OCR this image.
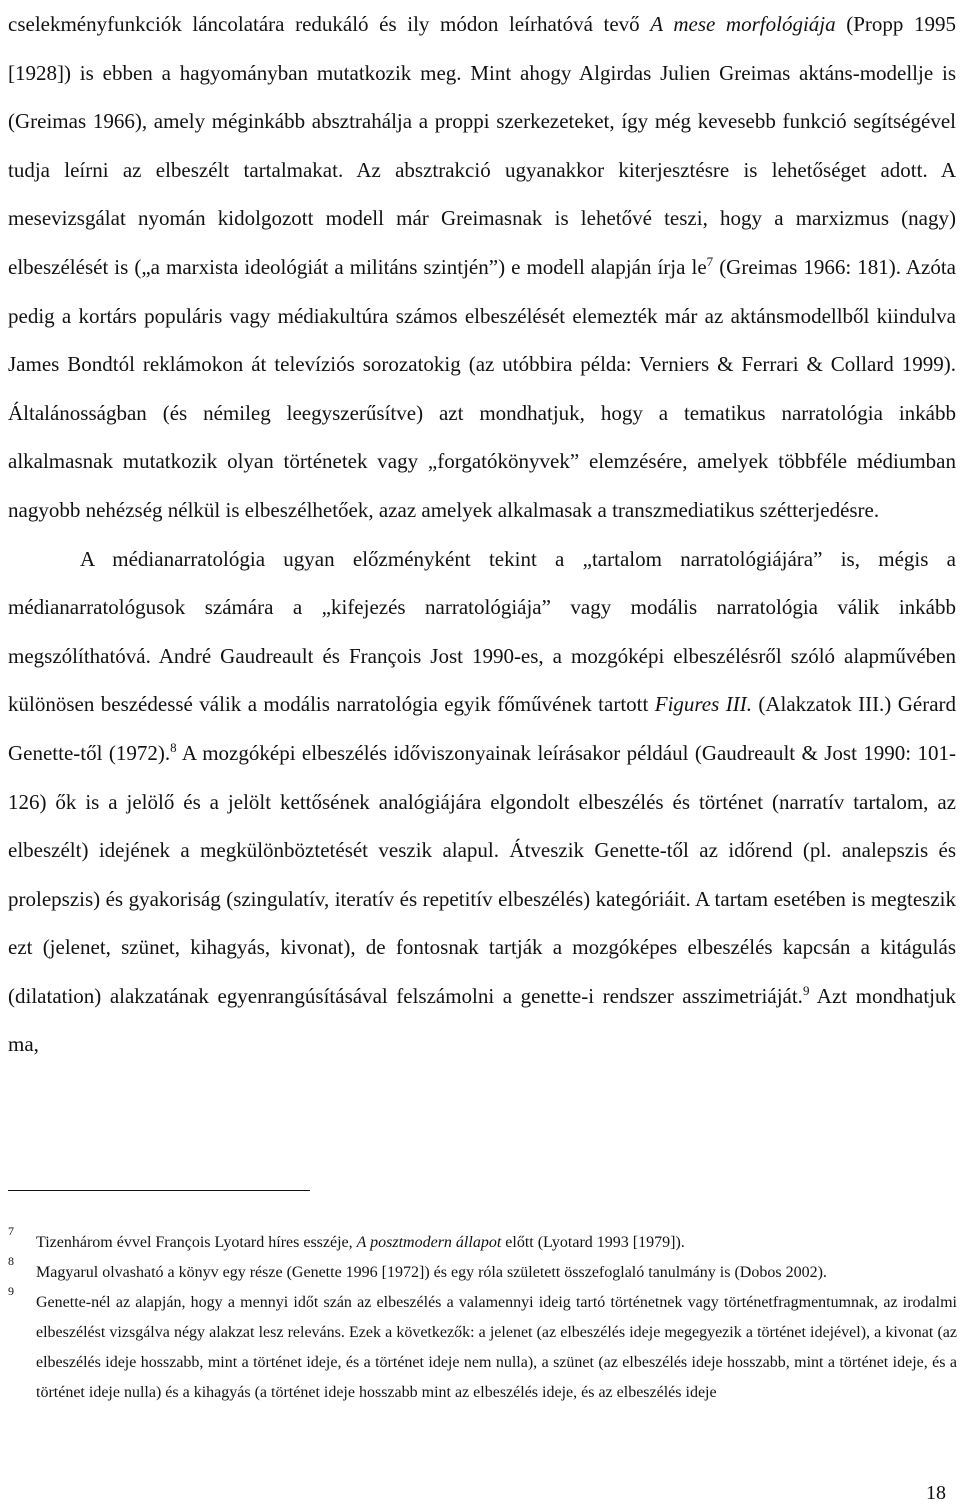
cselekményfunkciók láncolatára redukáló és ily módon leírhatóvá tevő A mese morfológiája (Propp 1995 [1928]) is ebben a hagyományban mutatkozik meg. Mint ahogy Algirdas Julien Greimas aktáns-modellje is (Greimas 1966), amely méginkább absztrahálja a proppi szerkezeteket, így még kevesebb funkció segítségével tudja leírni az elbeszélt tartalmakat. Az absztrakció ugyanakkor kiterjesztésre is lehetőséget adott. A mesevizsgálat nyomán kidolgozott modell már Greimasnak is lehetővé teszi, hogy a marxizmus (nagy) elbeszélését is („a marxista ideológiát a militáns szintjén”) e modell alapján írja $le^7$ (Greimas 1966: 181). Azóta pedig a kortárs populáris vagy médiakultúra számos elbeszélését elemezték már az aktánsmodellből kiindulva James Bondtól reklámokon át televíziós sorozatokig (az utóbbira példa: Verniers & Ferrari & Collard 1999). Általánosságban (és némileg leegyszerűsítve) azt mondhatjuk, hogy a tematikus narratológia inkább alkalmasnak mutatkozik olyan történetek vagy „forgatókönyvek” elemzésére, amelyek többféle médiumban nagyobb nehézség nélkül is elbeszélhetőek, azaz amelyek alkalmasak a transzmediatikus szétterjedésre.

A médianarratológia ugyan előzményként tekint a „tartalom narratológiájára” is, mégis a médianarratológusok számára a „kifejezés narratológiája” vagy modális narratológia válik inkább megszólíthatóvá. André Gaudreault és François Jost 1990-es, a mozgóképi elbeszélésről szóló alapművében különösen beszédessé válik a modális narratológia egyik főművének tartott Figures III. (Alakzatok III.) Gérard Genette-től (1972).$^8$ A mozgóképi elbeszélés időviszonyainak leírásakor például (Gaudreault & Jost 1990: 101-126) ők is a jelölő és a jelölt kettősének analógiájára elgondolt elbeszélés és történet (narratív tartalom, az elbeszélt) idejének a megkülönböztetését veszik alapul. Átveszik Genette-től az időrend (pl. analepszis és prolepszis) és gyakoriság (szingulatív, iteratív és repetitív elbeszélés) kategóriáit. A tartam esetében is megteszik ezt (jelenet, szünet, kihagyás, kivonat), de fontosnak tartják a mozgóképes elbeszélés kapcsán a kitágulás (dilatation) alakzatának egyenrangúsításával felszámolni a genette-i rendszer asszimetriáját.$^9$ Azt mondhatjuk ma,

7
Tizenhárom évvel François Lyotard híres esszéje, A posztmodern állapot előtt (Lyotard 1993 [1979]).
8
Magyarul olvasható a könyv egy része (Genette 1996 [1972]) és egy róla született összefoglaló tanulmány is (Dobos 2002).
9
Genette-nél az alapján, hogy a mennyi időt szán az elbeszélés a valamennyi ideig tartó történetnek vagy történetfragmentumnak, az irodalmi elbeszélést vizsgálva négy alakzat lesz releváns. Ezek a következők: a jelenet (az elbeszélés ideje megegyezik a történet idejével), a kivonat (az elbeszélés ideje hosszabb, mint a történet ideje, és a történet ideje nem nulla), a szünet (az elbeszélés ideje hosszabb, mint a történet ideje, és a történet ideje nulla) és a kihagyás (a történet ideje hosszabb mint az elbeszélés ideje, és az elbeszélés ideje
18
